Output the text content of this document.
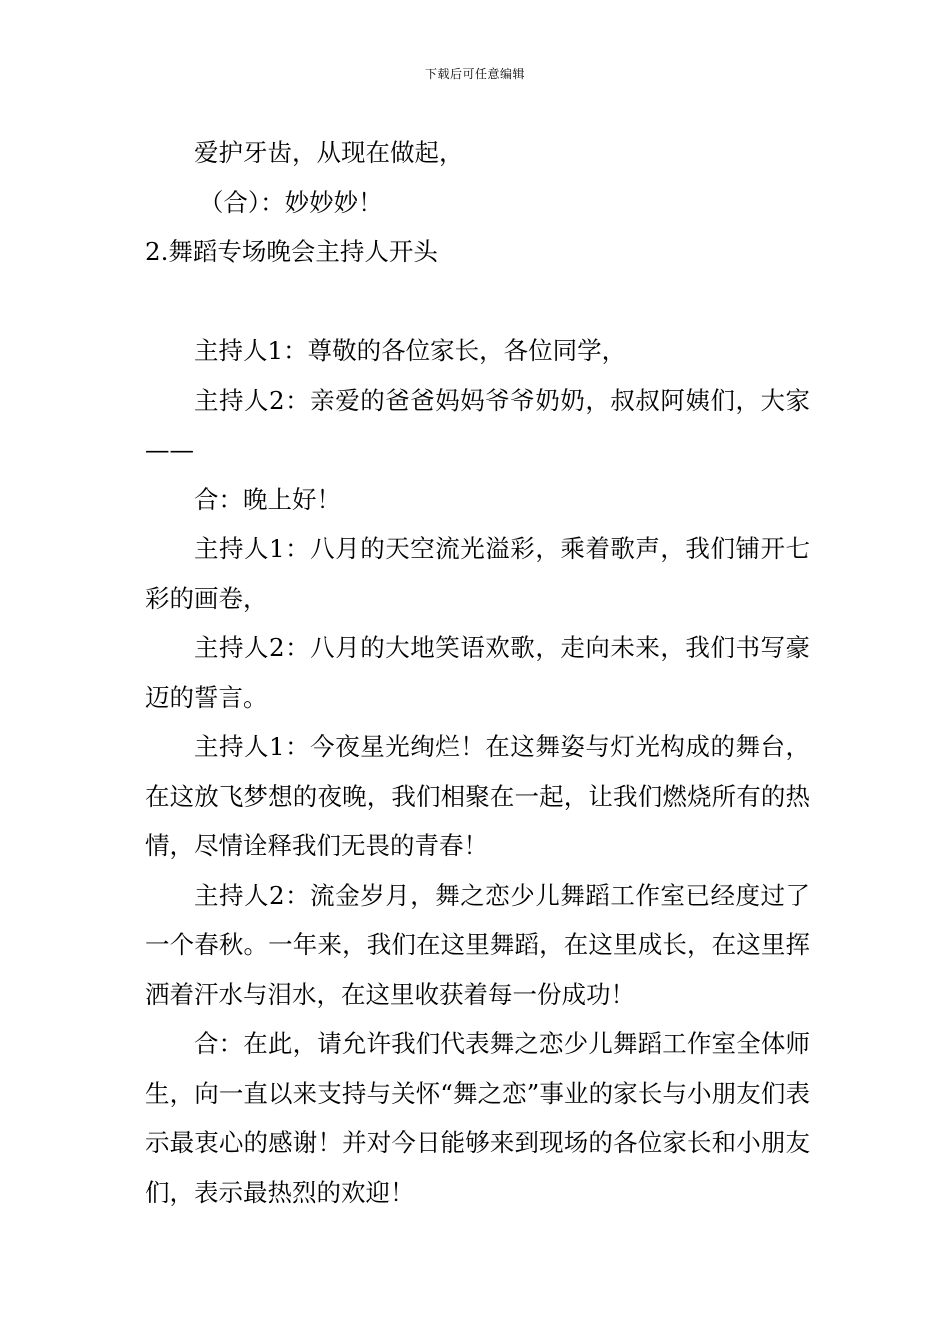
下载后可任意编辑

爱护牙齿，从现在做起，

（合）：妙妙妙！

2.舞蹈专场晚会主持人开头

主持人1：尊敬的各位家长，各位同学，

主持人2：亲爱的爸爸妈妈爷爷奶奶，叔叔阿姨们，大家——

合：晚上好！

主持人1：八月的天空流光溢彩，乘着歌声，我们铺开七彩的画卷，

主持人2：八月的大地笑语欢歌，走向未来，我们书写豪迈的誓言。

主持人1：今夜星光绚烂！在这舞姿与灯光构成的舞台，在这放飞梦想的夜晚，我们相聚在一起，让我们燃烧所有的热情，尽情诠释我们无畏的青春！

主持人2：流金岁月，舞之恋少儿舞蹈工作室已经度过了一个春秋。一年来，我们在这里舞蹈，在这里成长，在这里挥洒着汗水与泪水，在这里收获着每一份成功！

合：在此，请允许我们代表舞之恋少儿舞蹈工作室全体师生，向一直以来支持与关怀“舞之恋”事业的家长与小朋友们表示最衷心的感谢！并对今日能够来到现场的各位家长和小朋友们，表示最热烈的欢迎！
